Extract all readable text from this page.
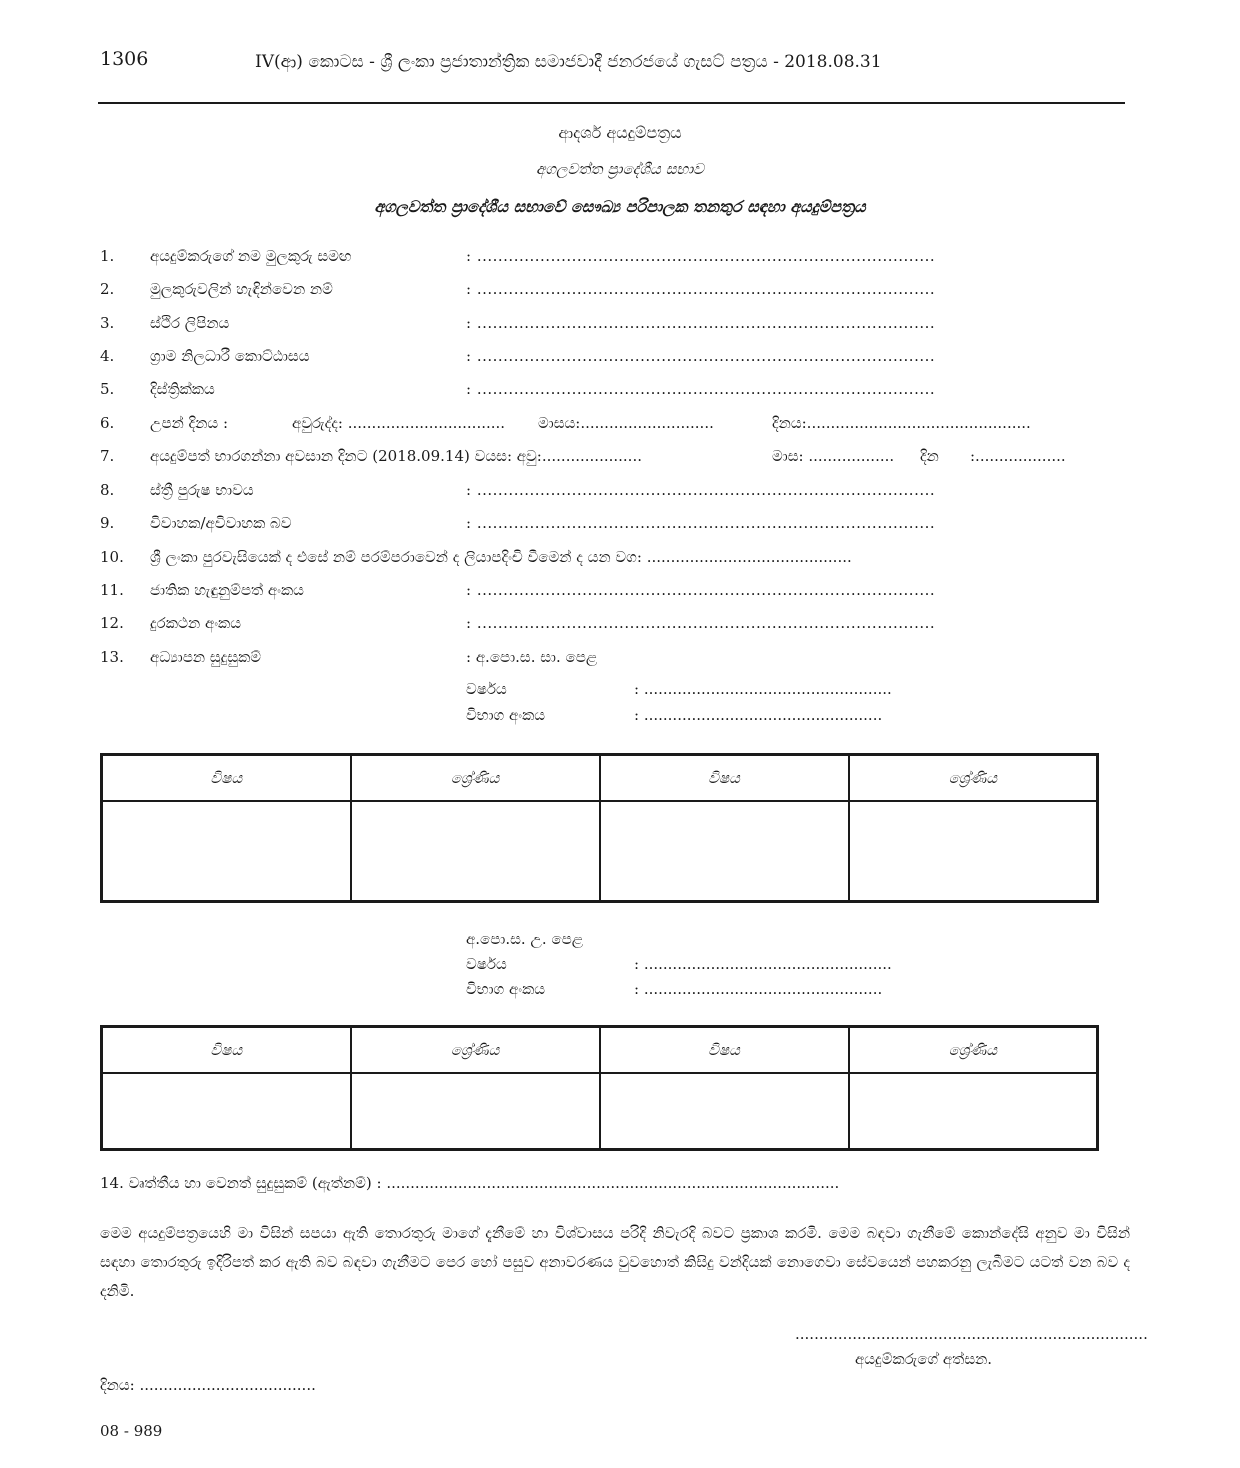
1306	IV(ආ) කොටස - ශ්‍රී ලංකා ප්‍රජාතාන්ත්‍රික සමාජවාදී ජනරජයේ ගැසට් පත්‍රය - 2018.08.31
ආදර්ශ අයදුම්පත්‍රය
අගලවත්ත ප්‍රාදේශීය සභාව
අගලවත්ත ප්‍රාදේශීය සභාවේ සෞඛ්‍ය පරිපාලක තනතුර සඳහා අයදුම්පත්‍රය
1. අයදුම්කරුගේ නම මුලකුරු සමඟ	: .......................................................................................
2. මුලකුරුවලින් හැඳින්වෙන නම්	: .......................................................................................
3. ස්ථිර ලිපිනය	: .......................................................................................
4. ග්‍රාම නිලධාරී කොට්ඨාසය	: .......................................................................................
5. දිස්ත්‍රික්කය	: .......................................................................................
6. උපන් දිනය :	අවුරුද්ද: ................................. මාසය:............................	දිනය:...............................................
7. අයදුම්පත් භාරගන්නා අවසාන දිනට (2018.09.14) වයස: අවු:.....................	මාස: .................. දින :...................
8. ස්ත්‍රී පුරුෂ භාවය	: .......................................................................................
9. විවාහක/අවිවාහක බව	: .......................................................................................
10. ශ්‍රී ලංකා පුරවැසියෙක් ද එසේ නම් පරම්පරාවෙන් ද ලියාපදිංචි වීමෙන් ද යන වග: ...........................................
11. ජාතික හැඳුනුම්පත් අංකය	: .......................................................................................
12. දුරකථන අංකය	: .......................................................................................
13. අධ්‍යාපන සුදුසුකම්	: අ.පො.ස. සා. පෙළ
වර්ෂය	: ....................................................
විභාග අංකය	: ..................................................
විෂය	ශ්‍රේණිය	විෂය	ශ්‍රේණිය

අ.පො.ස. උ. පෙළ
වර්ෂය	: ....................................................
විභාග අංකය	: ..................................................
විෂය	ශ්‍රේණිය	විෂය	ශ්‍රේණිය

14. වෘත්තීය හා වෙනත් සුදුසුකම් (ඇත්නම්) : ...............................................................................................
මෙම අයදුම්පත්‍රයෙහි මා විසින් සපයා ඇති තොරතුරු මාගේ දැනීමේ හා විශ්වාසය පරිදි නිවැරදි බවට ප්‍රකාශ කරමි. මෙම බඳවා ගැනීමේ කොන්දේසි අනුව මා විසින් සඳහා තොරතුරු ඉදිරිපත් කර ඇති බව බඳවා ගැනීමට පෙර හෝ පසුව අනාවරණය වුවහොත් කිසිදු වන්දියක් නොගෙවා සේවයෙන් පහකරනු ලැබීමට යටත් වන බව ද දනිමි.
..........................................................................
අයදුම්කරුගේ අත්සන.
දිනය: .....................................
08 - 989
